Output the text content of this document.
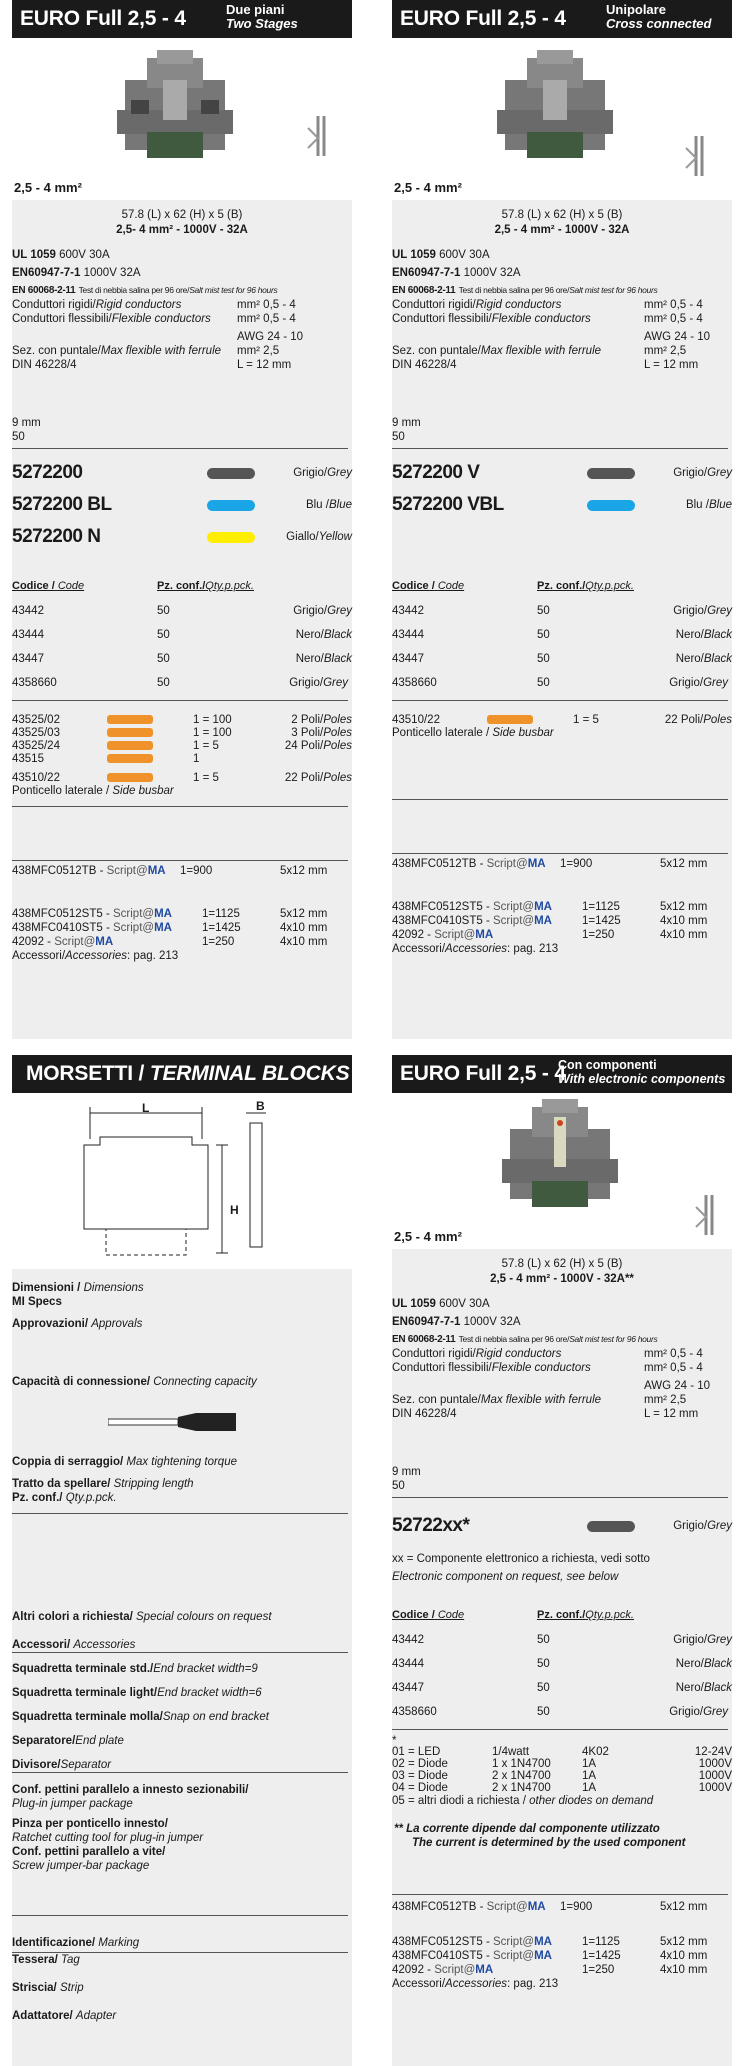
EURO Full 2,5 - 4	Due piani
Two Stages
2,5 - 4 mm²
57.8 (L) x 62 (H) x 5 (B)
2,5- 4 mm² - 1000V - 32A
UL 1059 600V 30A
EN60947-7-1 1000V 32A
EN 60068-2-11 Test di nebbia salina per 96 ore/Salt mist test for 96 hours
Conduttori rigidi/Rigid conductors	mm² 0,5 - 4
Conduttori flessibili/Flexible conductors	mm² 0,5 - 4
AWG 24 - 10
Sez. con puntale/Max flexible with ferrule	mm² 2,5
DIN 46228/4	L = 12 mm
9 mm
50
5272200	Grigio/Grey
5272200 BL	Blu /Blue
5272200 N	Giallo/Yellow
Codice / Code	Pz. conf./Qty.p.pck.
43442	50	Grigio/Grey
43444	50	Nero/Black
43447	50	Nero/Black
4358660	50	Grigio/Grey
43525/02	1 = 100	2 Poli/Poles
43525/03	1 = 100	3 Poli/Poles
43525/24	1 = 5	24 Poli/Poles
43515	1
43510/22	1 = 5	22 Poli/Poles
Ponticello laterale / Side busbar
438MFC0512TB - Script@MA	1=900	5x12 mm
438MFC0512ST5 - Script@MA	1=1125	5x12 mm
438MFC0410ST5 - Script@MA	1=1425	4x10 mm
42092 - Script@MA	1=250	4x10 mm
Accessori/Accessories: pag. 213
EURO Full 2,5 - 4	Unipolare
Cross connected
2,5 - 4 mm²
57.8 (L) x 62 (H) x 5 (B)
2,5 - 4 mm² - 1000V - 32A
UL 1059 600V 30A
EN60947-7-1 1000V 32A
EN 60068-2-11 Test di nebbia salina per 96 ore/Salt mist test for 96 hours
Conduttori rigidi/Rigid conductors	mm² 0,5 - 4
Conduttori flessibili/Flexible conductors	mm² 0,5 - 4
AWG 24 - 10
Sez. con puntale/Max flexible with ferrule	mm² 2,5
DIN 46228/4	L = 12 mm
9 mm
50
5272200 V	Grigio/Grey
5272200 VBL	Blu /Blue
Codice / Code	Pz. conf./Qty.p.pck.
43442	50	Grigio/Grey
43444	50	Nero/Black
43447	50	Nero/Black
4358660	50	Grigio/Grey
43510/22	1 = 5	22 Poli/Poles
Ponticello laterale / Side busbar
438MFC0512TB - Script@MA	1=900	5x12 mm
438MFC0512ST5 - Script@MA	1=1125	5x12 mm
438MFC0410ST5 - Script@MA	1=1425	4x10 mm
42092 - Script@MA	1=250	4x10 mm
Accessori/Accessories: pag. 213
MORSETTI / TERMINAL BLOCKS
L	B
H
Dimensioni / Dimensions
MI Specs
Approvazioni/ Approvals
Capacità di connessione/ Connecting capacity
Coppia di serraggio/ Max tightening torque
Tratto da spellare/ Stripping length
Pz. conf./ Qty.p.pck.
Altri colori a richiesta/ Special colours on request
Accessori/ Accessories
Squadretta terminale std./End bracket width=9
Squadretta terminale light/End bracket width=6
Squadretta terminale molla/Snap on end bracket
Separatore/End plate
Divisore/Separator
Conf. pettini parallelo a innesto sezionabili/
Plug-in jumper package
Pinza per ponticello innesto/
Ratchet cutting tool for plug-in jumper
Conf. pettini parallelo a vite/
Screw jumper-bar package
Identificazione/ Marking
Tessera/ Tag
Striscia/ Strip
Adattatore/ Adapter
EURO Full 2,5 - 4
Con componenti
With electronic components
2,5 - 4 mm²
57.8 (L) x 62 (H) x 5 (B)
2,5 - 4 mm² - 1000V - 32A**
UL 1059 600V 30A
EN60947-7-1 1000V 32A
EN 60068-2-11 Test di nebbia salina per 96 ore/Salt mist test for 96 hours
Conduttori rigidi/Rigid conductors	mm² 0,5 - 4
Conduttori flessibili/Flexible conductors	mm² 0,5 - 4
AWG 24 - 10
Sez. con puntale/Max flexible with ferrule	mm² 2,5
DIN 46228/4	L = 12 mm
9 mm
50
52722xx*	Grigio/Grey
xx = Componente elettronico a richiesta, vedi sotto
Electronic component on request, see below
Codice / Code	Pz. conf./Qty.p.pck.
43442	50	Grigio/Grey
43444	50	Nero/Black
43447	50	Nero/Black
4358660	50	Grigio/Grey
*
01 = LED	1/4watt	4K02	12-24V
02 = Diode	1 x 1N4700	1A	1000V
03 = Diode	2 x 1N4700	1A	1000V
04 = Diode	2 x 1N4700	1A	1000V
05 = altri diodi a richiesta / other diodes on demand
** La corrente dipende dal componente utilizzato
The current is determined by the used component
438MFC0512TB - Script@MA	1=900	5x12 mm
438MFC0512ST5 - Script@MA	1=1125	5x12 mm
438MFC0410ST5 - Script@MA	1=1425	4x10 mm
42092 - Script@MA	1=250	4x10 mm
Accessori/Accessories: pag. 213
